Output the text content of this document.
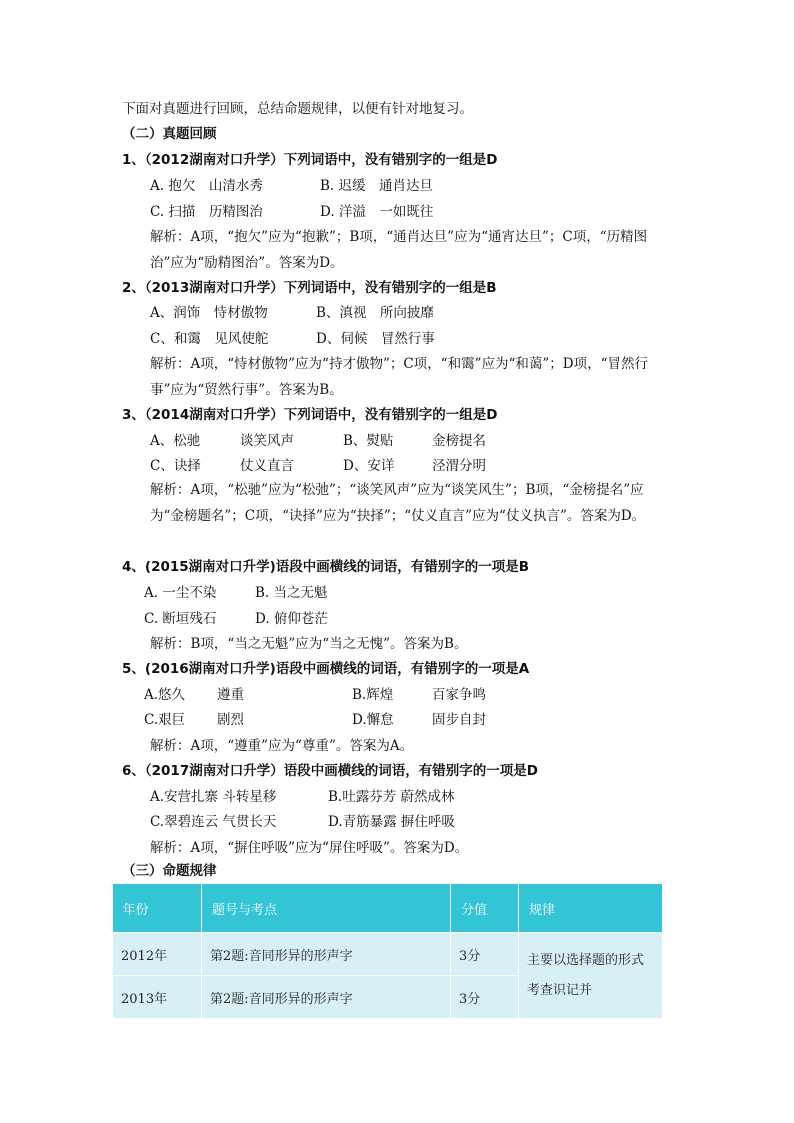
下面对真题进行回顾，总结命题规律，以便有针对地复习。
（二）真题回顾
1、（2012湖南对口升学）下列词语中，没有错别字的一组是D
A. 抱欠　山清水秀	B. 迟缓　通肖达旦
C. 扫描　历精图治	D. 洋溢　一如既往
解析：A项，“抱欠”应为“抱歉”；B项，“通肖达旦”应为“通宵达旦”；C项，“历精图治”应为“励精图治”。答案为D。
2、（2013湖南对口升学）下列词语中，没有错别字的一组是B
A、润饰　恃材傲物	B、滇视　所向披靡
C、和霭　见风使舵	D、伺候　冒然行事
解析：A项，“恃材傲物”应为“持才傲物”；C项，“和霭”应为“和蔼”；D项，“冒然行事”应为“贸然行事”。答案为B。
3、（2014湖南对口升学）下列词语中，没有错别字的一组是D
A、松驰	谈笑风声	B、熨贴	金榜提名
C、诀择	仗义直言	D、安详	泾渭分明
解析：A项，“松驰”应为“松弛”；“谈笑风声”应为“谈笑风生”；B项，“金榜提名”应为“金榜题名”；C项，“诀择”应为“抉择”；“仗义直言”应为“仗义执言”。答案为D。
4、(2015湖南对口升学)语段中画横线的词语，有错别字的一项是B
A. 一尘不染	B. 当之无魁
C. 断垣残石	D. 俯仰苍茫
解析：B项，“当之无魁”应为“当之无愧”。答案为B。
5、(2016湖南对口升学)语段中画横线的词语，有错别字的一项是A
A.悠久 遵重	B.辉煌	百家争鸣
C.艰巨 剧烈	D.懈怠	固步自封
解析：A项，“遵重”应为“尊重”。答案为A。
6、（2017湖南对口升学）语段中画横线的词语，有错别字的一项是D
A.安营扎寨 斗转星移	B.吐露芬芳 蔚然成林
C.翠碧连云 气贯长天	D.青筋暴露 摒住呼吸
解析：A项，“摒住呼吸”应为“屏住呼吸”。答案为D。
（三）命题规律
年份	题号与考点	分值	规律
2012年	第2题:音同形异的形声字	3分	主要以选择题的形式考查识记并
2013年	第2题:音同形异的形声字	3分	
